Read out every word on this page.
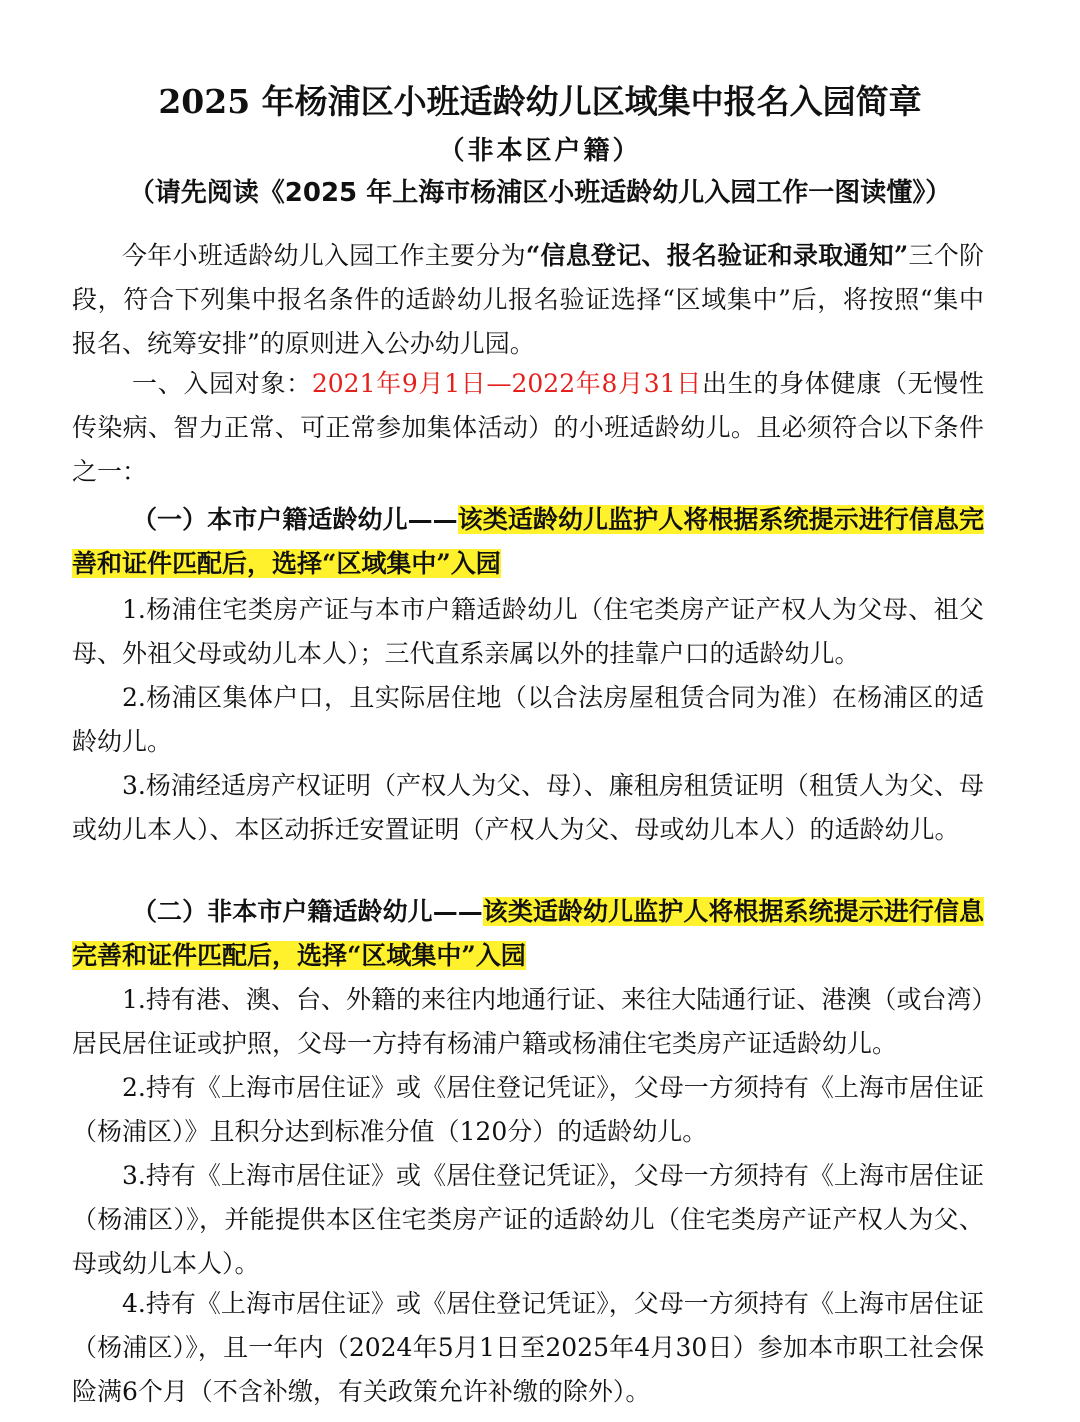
2025 年杨浦区小班适龄幼儿区域集中报名入园简章
（非本区户籍）
（请先阅读《2025 年上海市杨浦区小班适龄幼儿入园工作一图读懂》）

今年小班适龄幼儿入园工作主要分为“信息登记、报名验证和录取通知”三个阶段，符合下列集中报名条件的适龄幼儿报名验证选择“区域集中”后，将按照“集中报名、统筹安排”的原则进入公办幼儿园。

一、入园对象：2021年9月1日—2022年8月31日出生的身体健康（无慢性传染病、智力正常、可正常参加集体活动）的小班适龄幼儿。且必须符合以下条件之一：

（一）本市户籍适龄幼儿——该类适龄幼儿监护人将根据系统提示进行信息完善和证件匹配后，选择“区域集中”入园

1.杨浦住宅类房产证与本市户籍适龄幼儿（住宅类房产证产权人为父母、祖父母、外祖父母或幼儿本人）；三代直系亲属以外的挂靠户口的适龄幼儿。

2.杨浦区集体户口，且实际居住地（以合法房屋租赁合同为准）在杨浦区的适龄幼儿。

3.杨浦经适房产权证明（产权人为父、母）、廉租房租赁证明（租赁人为父、母或幼儿本人）、本区动拆迁安置证明（产权人为父、母或幼儿本人）的适龄幼儿。

（二）非本市户籍适龄幼儿——该类适龄幼儿监护人将根据系统提示进行信息完善和证件匹配后，选择“区域集中”入园

1.持有港、澳、台、外籍的来往内地通行证、来往大陆通行证、港澳（或台湾）居民居住证或护照，父母一方持有杨浦户籍或杨浦住宅类房产证适龄幼儿。

2.持有《上海市居住证》或《居住登记凭证》，父母一方须持有《上海市居住证（杨浦区）》且积分达到标准分值（120分）的适龄幼儿。

3.持有《上海市居住证》或《居住登记凭证》，父母一方须持有《上海市居住证（杨浦区）》，并能提供本区住宅类房产证的适龄幼儿（住宅类房产证产权人为父、母或幼儿本人）。

4.持有《上海市居住证》或《居住登记凭证》，父母一方须持有《上海市居住证（杨浦区）》，且一年内（2024年5月1日至2025年4月30日）参加本市职工社会保险满6个月（不含补缴，有关政策允许补缴的除外）。
